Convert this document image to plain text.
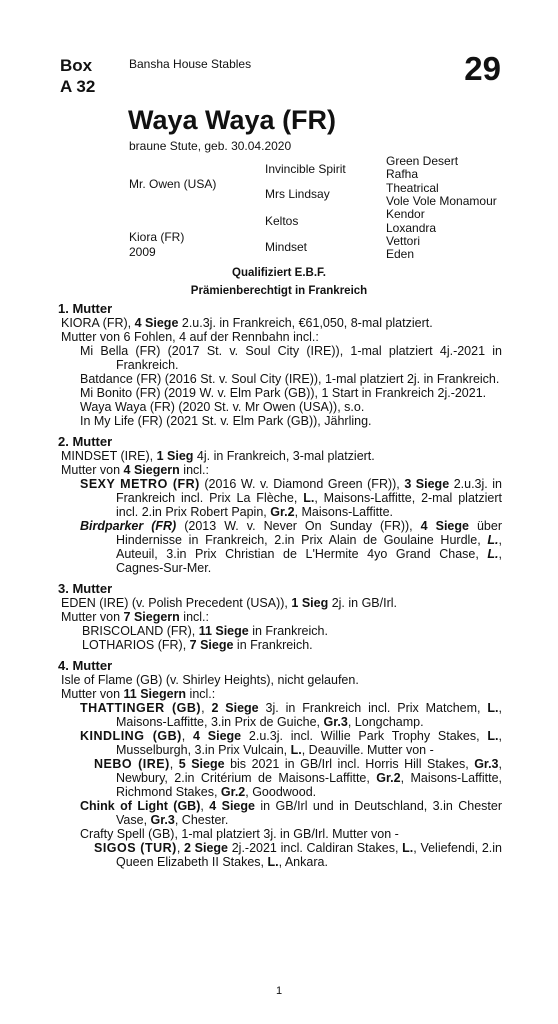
Box
A 32
Bansha House Stables	29
Waya Waya (FR)
braune Stute, geb. 30.04.2020
Mr. Owen (USA)
Kiora (FR)
2009
Invincible Spirit
Mrs Lindsay
Keltos
Mindset
Green Desert
Rafha
Theatrical
Vole Vole Monamour
Kendor
Loxandra
Vettori
Eden
Qualifiziert E.B.F.
Prämienberechtigt in Frankreich
1. Mutter
KIORA (FR), 4 Siege 2.u.3j. in Frankreich, €61,050, 8-mal platziert.
Mutter von 6 Fohlen, 4 auf der Rennbahn incl.:
Mi Bella (FR) (2017 St. v. Soul City (IRE)), 1-mal platziert 4j.-2021 in Frankreich.
Batdance (FR) (2016 St. v. Soul City (IRE)), 1-mal platziert 2j. in Frankreich.
Mi Bonito (FR) (2019 W. v. Elm Park (GB)), 1 Start in Frankreich 2j.-2021.
Waya Waya (FR) (2020 St. v. Mr Owen (USA)), s.o.
In My Life (FR) (2021 St. v. Elm Park (GB)), Jährling.
2. Mutter
MINDSET (IRE), 1 Sieg 4j. in Frankreich, 3-mal platziert.
Mutter von 4 Siegern incl.:
SEXY METRO (FR) (2016 W. v. Diamond Green (FR)), 3 Siege 2.u.3j. in Frankreich incl. Prix La Flèche, L., Maisons-Laffitte, 2-mal platziert incl. 2.in Prix Robert Papin, Gr.2, Maisons-Laffitte.
Birdparker (FR) (2013 W. v. Never On Sunday (FR)), 4 Siege über Hindernisse in Frankreich, 2.in Prix Alain de Goulaine Hurdle, L., Auteuil, 3.in Prix Christian de L'Hermite 4yo Grand Chase, L., Cagnes-Sur-Mer.
3. Mutter
EDEN (IRE) (v. Polish Precedent (USA)), 1 Sieg 2j. in GB/Irl.
Mutter von 7 Siegern incl.:
BRISCOLAND (FR), 11 Siege in Frankreich.
LOTHARIOS (FR), 7 Siege in Frankreich.
4. Mutter
Isle of Flame (GB) (v. Shirley Heights), nicht gelaufen.
Mutter von 11 Siegern incl.:
THATTINGER (GB), 2 Siege 3j. in Frankreich incl. Prix Matchem, L., Maisons-Laffitte, 3.in Prix de Guiche, Gr.3, Longchamp.
KINDLING (GB), 4 Siege 2.u.3j. incl. Willie Park Trophy Stakes, L., Musselburgh, 3.in Prix Vulcain, L., Deauville. Mutter von -
NEBO (IRE), 5 Siege bis 2021 in GB/Irl incl. Horris Hill Stakes, Gr.3, Newbury, 2.in Critérium de Maisons-Laffitte, Gr.2, Maisons-Laffitte, Richmond Stakes, Gr.2, Goodwood.
Chink of Light (GB), 4 Siege in GB/Irl und in Deutschland, 3.in Chester Vase, Gr.3, Chester.
Crafty Spell (GB), 1-mal platziert 3j. in GB/Irl. Mutter von -
SIGOS (TUR), 2 Siege 2j.-2021 incl. Caldiran Stakes, L., Veliefendi, 2.in Queen Elizabeth II Stakes, L., Ankara.
1
